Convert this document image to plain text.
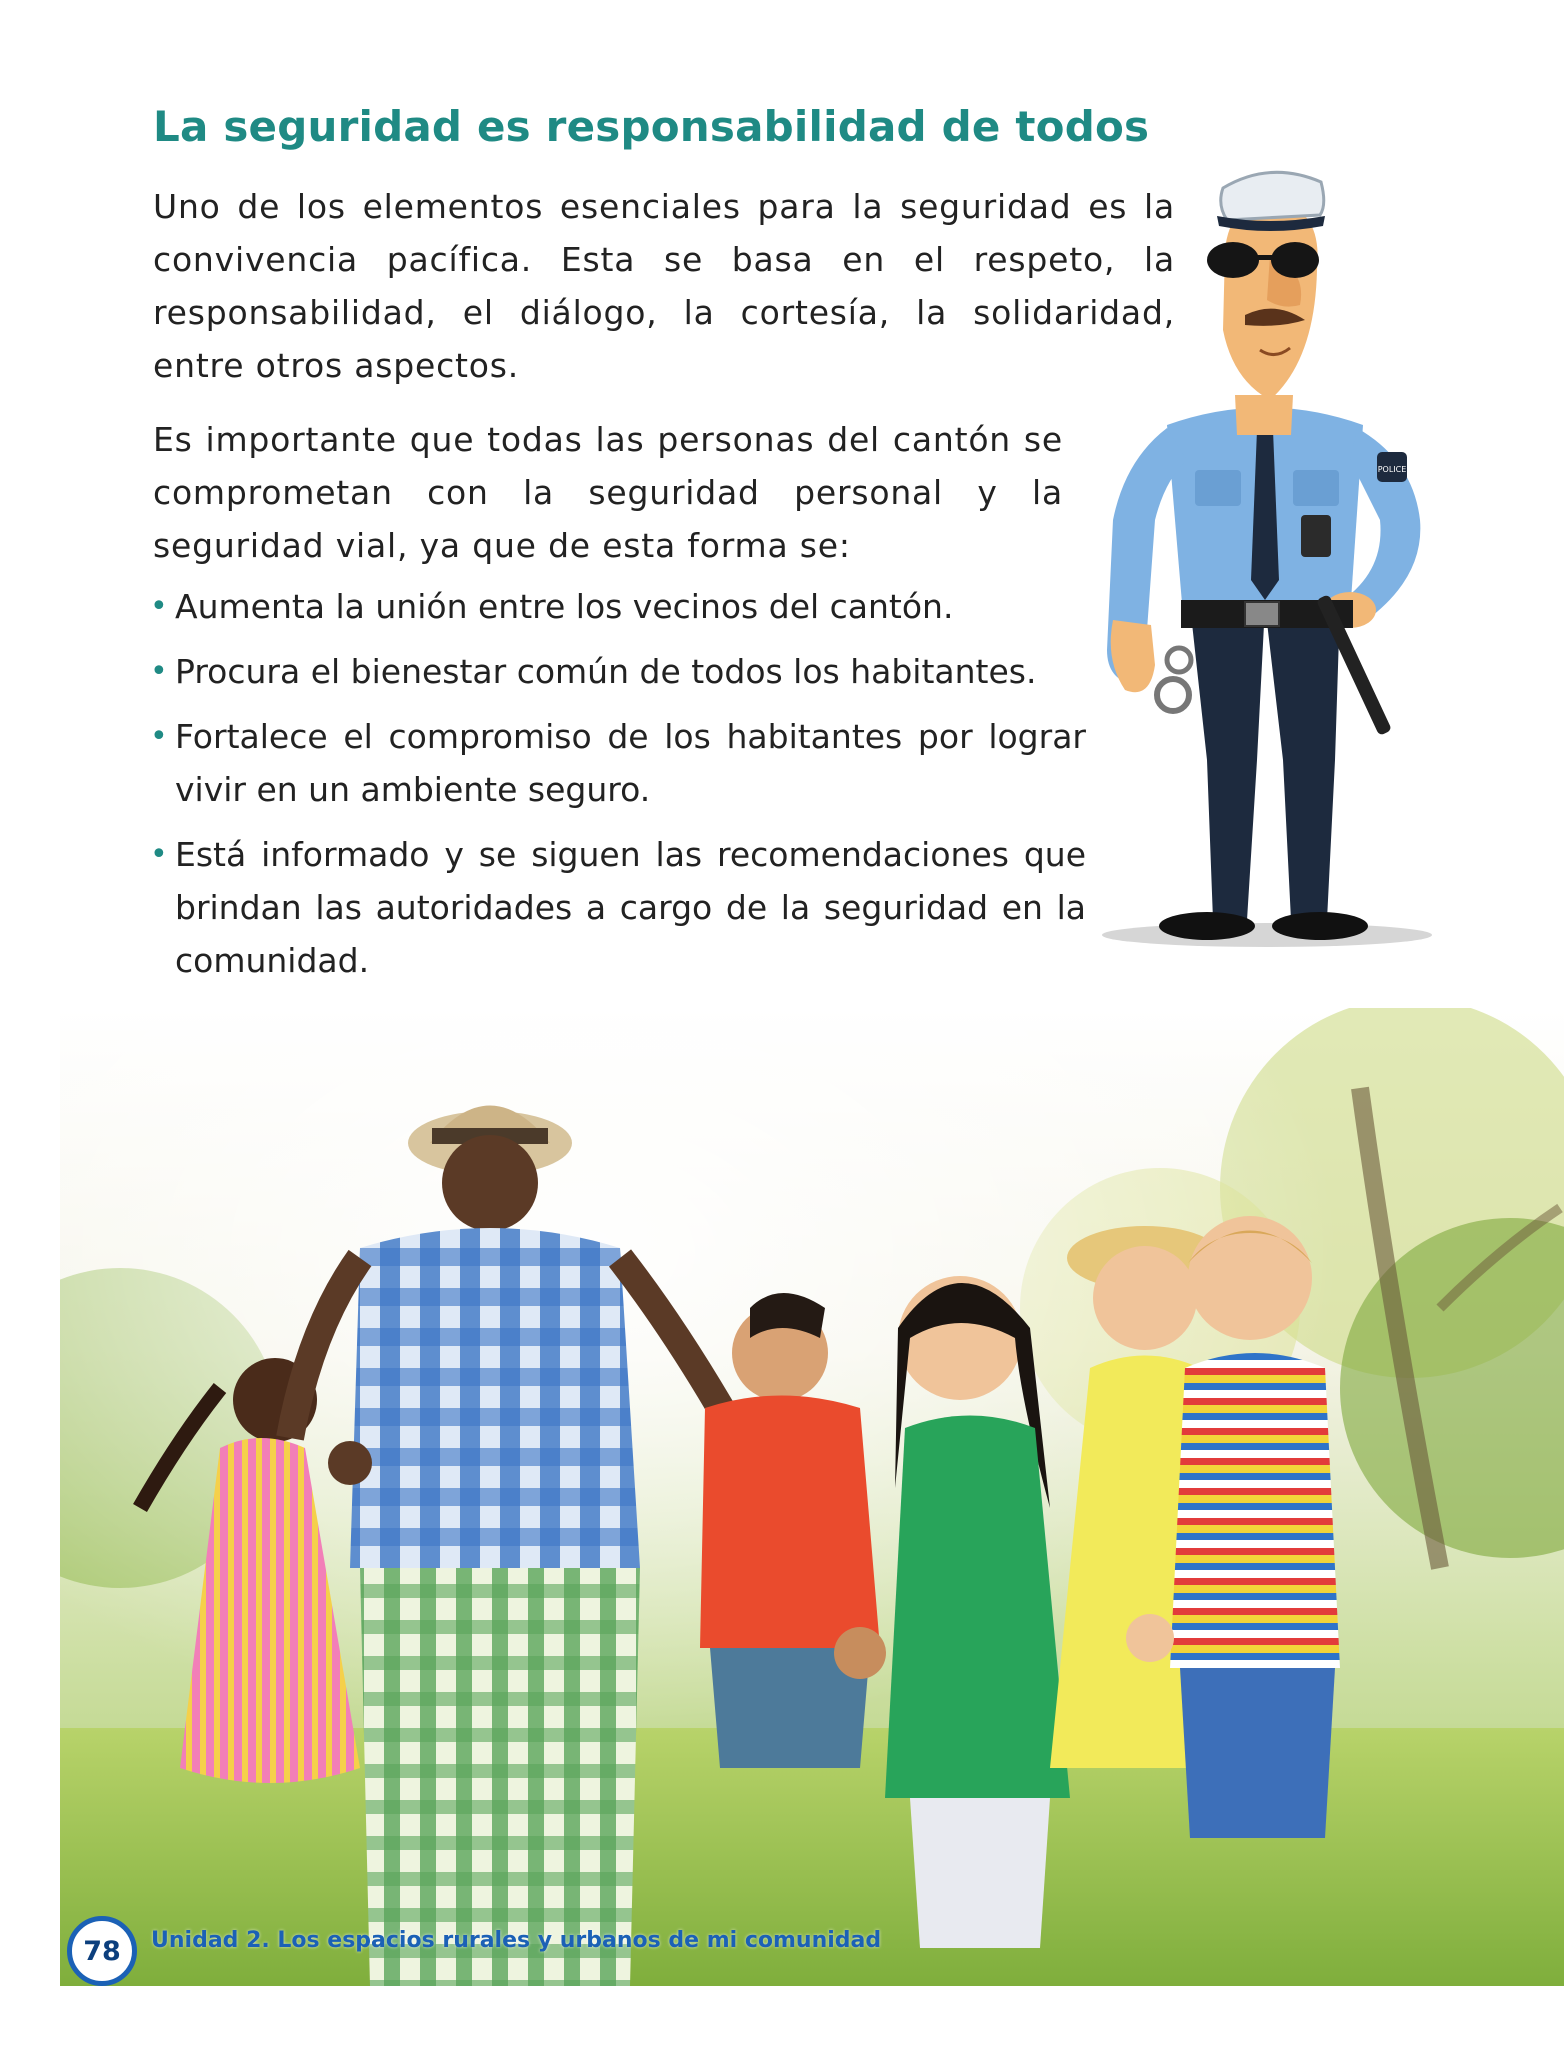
La seguridad es responsabilidad de todos

Uno de los elementos esenciales para la seguridad es la convivencia pacífica. Esta se basa en el respeto, la responsabilidad, el diálogo, la cortesía, la solidaridad, entre otros aspectos.

Es importante que todas las personas del cantón se comprometan con la seguridad personal y la seguridad vial, ya que de esta forma se:

• Aumenta la unión entre los vecinos del cantón.
• Procura el bienestar común de todos los habitantes.
• Fortalece el compromiso de los habitantes por lograr vivir en un ambiente seguro.
• Está informado y se siguen las recomendaciones que brindan las autoridades a cargo de la seguridad en la comunidad.
POLICE
78	Unidad 2. Los espacios rurales y urbanos de mi comunidad
